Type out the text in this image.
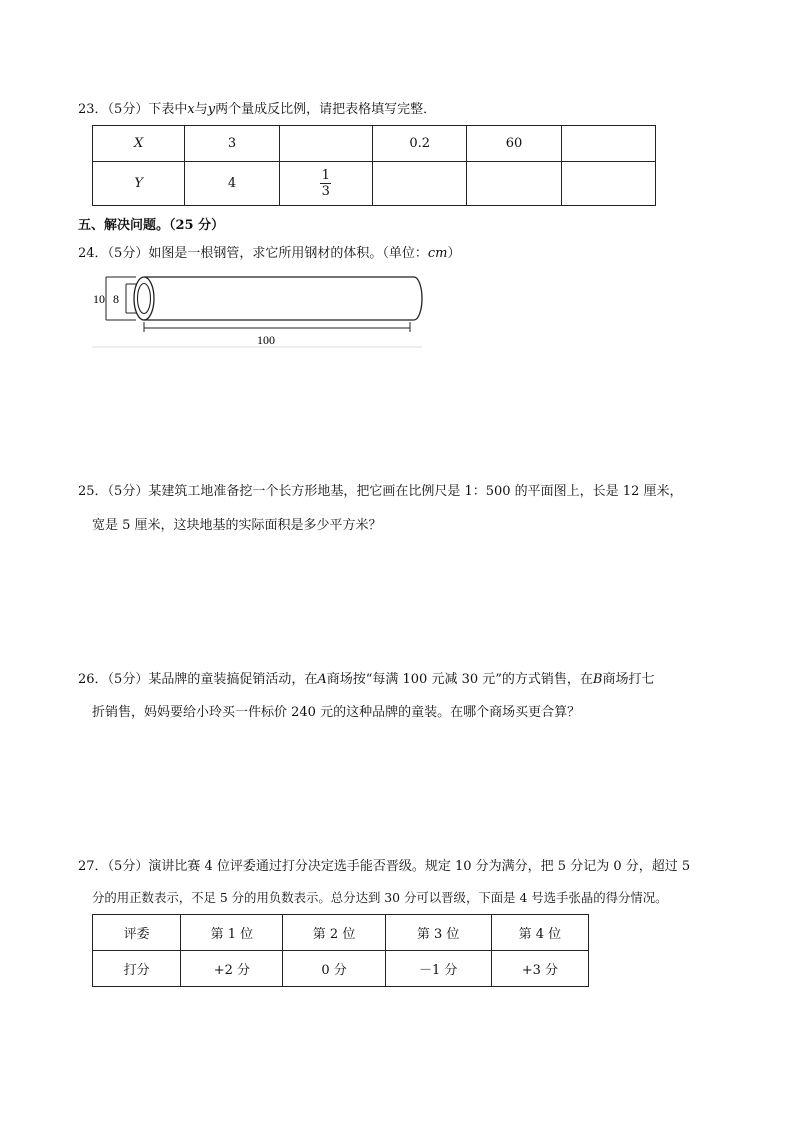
23．（5分）下表中x与y两个量成反比例，请把表格填写完整．
X	3		0.2	60	
Y	4	$\frac{1}{3}$

五、解决问题。（25 分）
24．（5分）如图是一根钢管，求它所用钢材的体积。（单位：cm）
10 8
100
25．（5分）某建筑工地准备挖一个长方形地基，把它画在比例尺是 1：500 的平面图上，长是 12 厘米，
宽是 5 厘米，这块地基的实际面积是多少平方米？
26．（5分）某品牌的童装搞促销活动，在A商场按“每满 100 元减 30 元”的方式销售，在B商场打七
折销售，妈妈要给小玲买一件标价 240 元的这种品牌的童装。在哪个商场买更合算？
27．（5分）演讲比赛 4 位评委通过打分决定选手能否晋级。规定 10 分为满分，把 5 分记为 0 分，超过 5
分的用正数表示，不足 5 分的用负数表示。总分达到 30 分可以晋级，下面是 4 号选手张晶的得分情况。
评委	第 1 位	第 2 位	第 3 位	第 4 位
打分	+2 分	0 分	－1 分	+3 分
